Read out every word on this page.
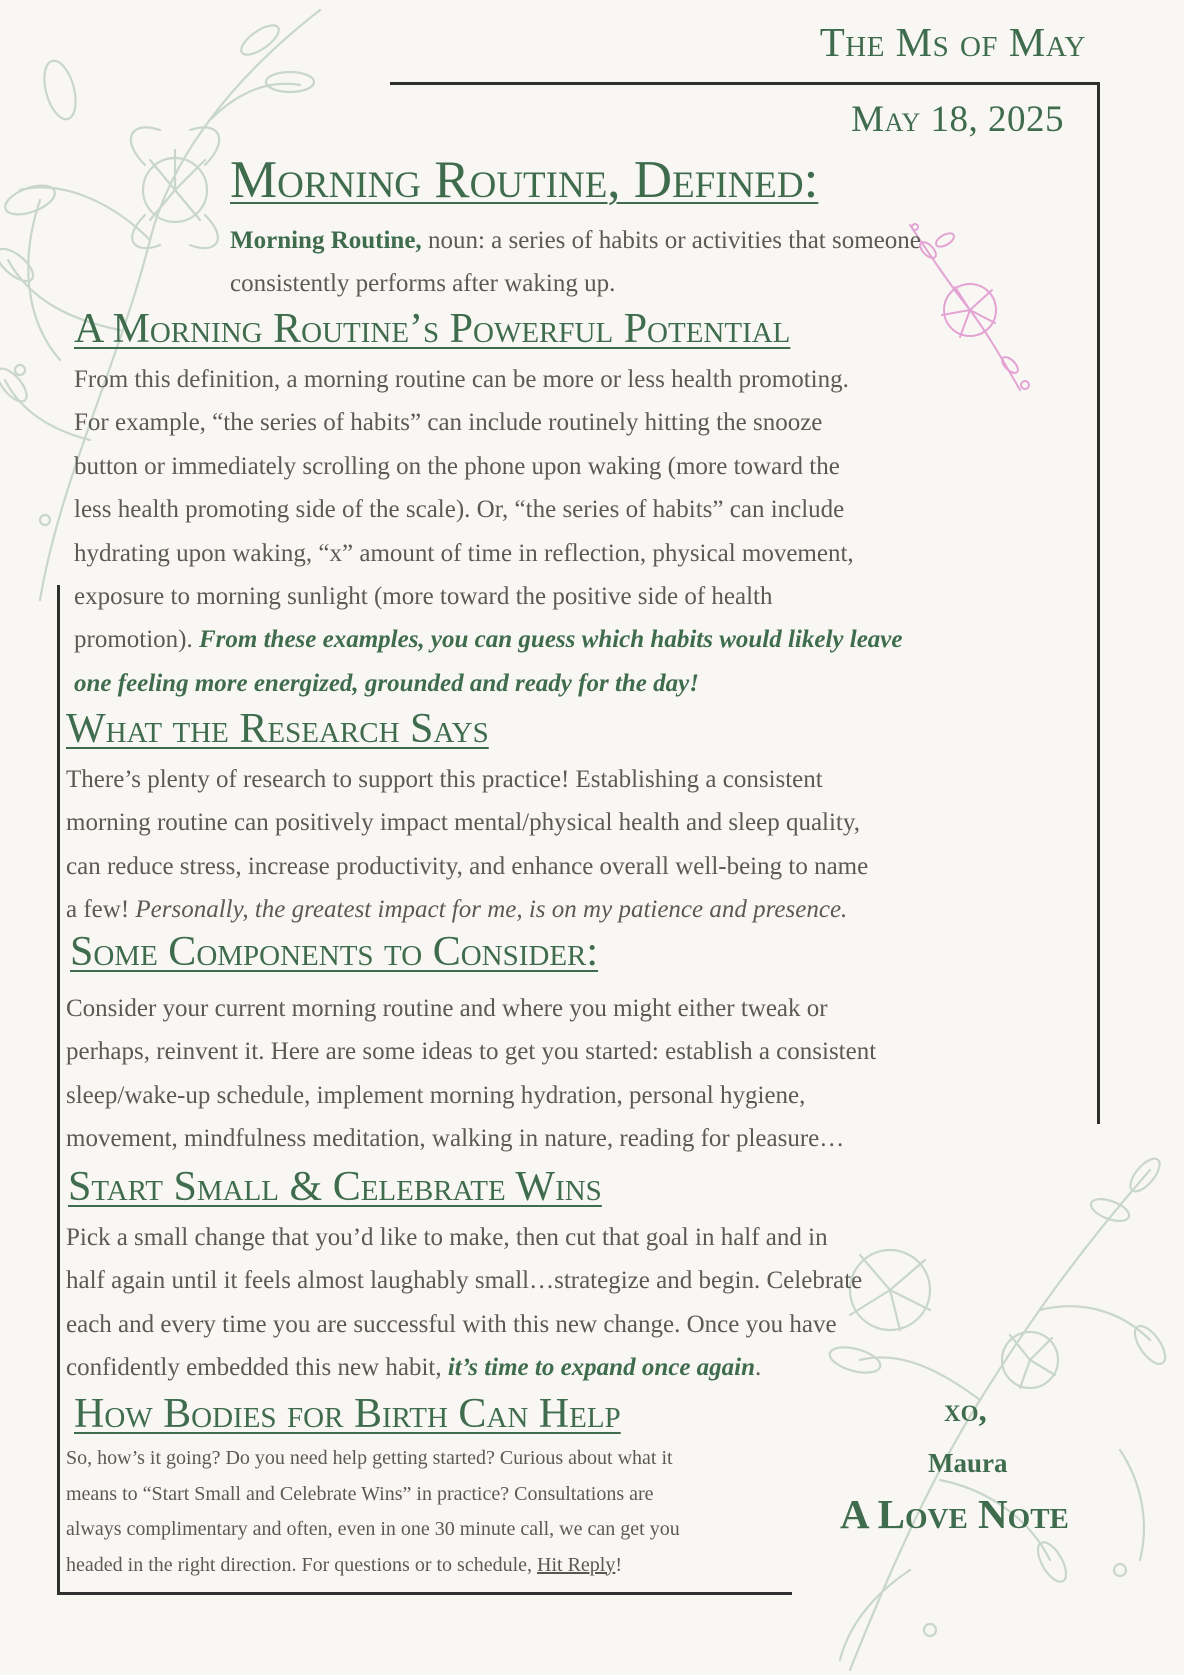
The Ms of May
May 18, 2025
Morning Routine, Defined:
Morning Routine, noun: a series of habits or activities that someone
consistently performs after waking up.
A Morning Routine’s Powerful Potential
From this definition, a morning routine can be more or less health promoting.
For example, “the series of habits” can include routinely hitting the snooze
button or immediately scrolling on the phone upon waking (more toward the
less health promoting side of the scale). Or, “the series of habits” can include
hydrating upon waking, “x” amount of time in reflection, physical movement,
exposure to morning sunlight (more toward the positive side of health
promotion). From these examples, you can guess which habits would likely leave
one feeling more energized, grounded and ready for the day!
What the Research Says
There’s plenty of research to support this practice! Establishing a consistent
morning routine can positively impact mental/physical health and sleep quality,
can reduce stress, increase productivity, and enhance overall well-being to name
a few! Personally, the greatest impact for me, is on my patience and presence.
Some Components to Consider:
Consider your current morning routine and where you might either tweak or
perhaps, reinvent it. Here are some ideas to get you started: establish a consistent
sleep/wake-up schedule, implement morning hydration, personal hygiene,
movement, mindfulness meditation, walking in nature, reading for pleasure…
Start Small & Celebrate Wins
Pick a small change that you’d like to make, then cut that goal in half and in
half again until it feels almost laughably small…strategize and begin. Celebrate
each and every time you are successful with this new change. Once you have
confidently embedded this new habit, it’s time to expand once again.
How Bodies for Birth Can Help
So, how’s it going? Do you need help getting started? Curious about what it
means to “Start Small and Celebrate Wins” in practice? Consultations are
always complimentary and often, even in one 30 minute call, we can get you
headed in the right direction. For questions or to schedule, Hit Reply!
xo,
Maura
A Love Note
